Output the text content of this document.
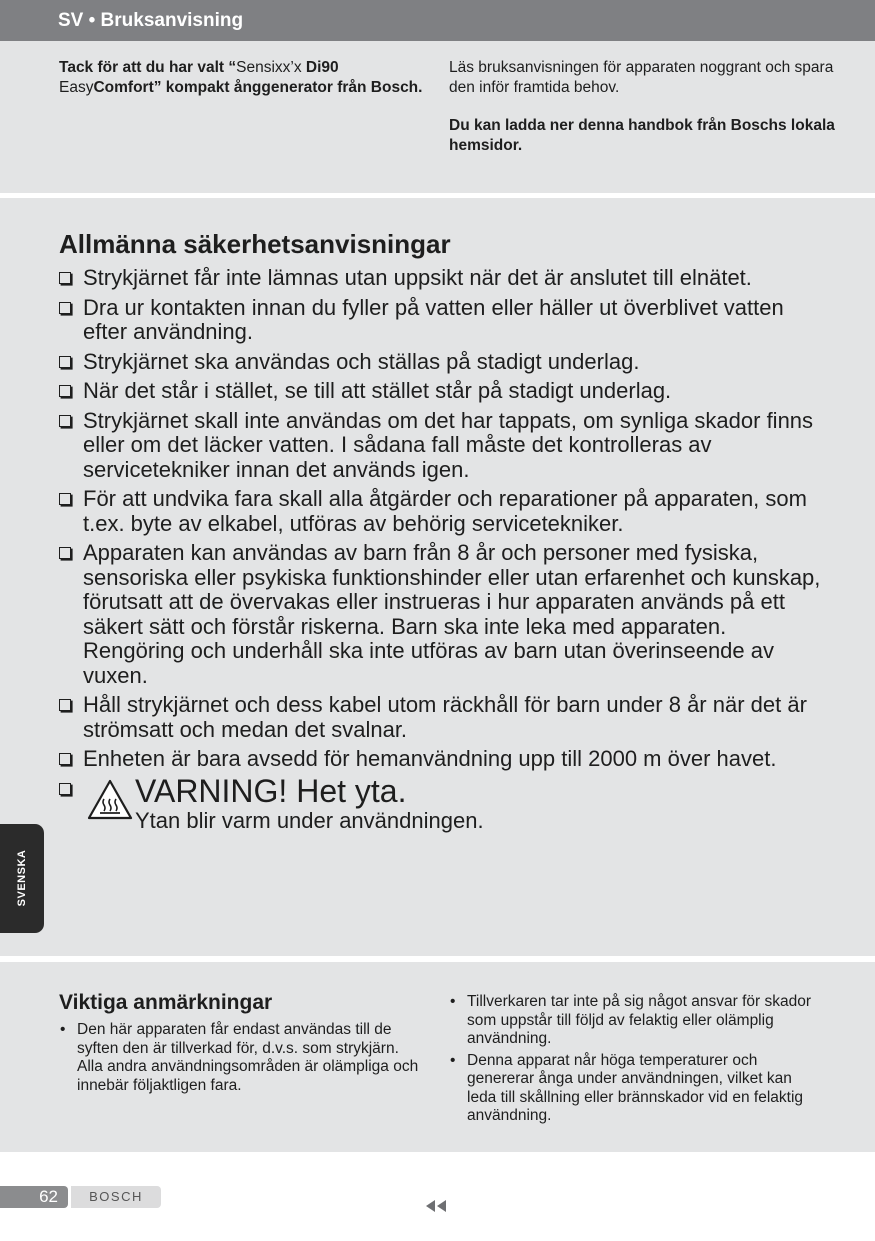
SV • Bruksanvisning
Tack för att du har valt “Sensixx’x Di90
EasyComfort” kompakt ånggenerator från Bosch.
Läs bruksanvisningen för apparaten noggrant och spara den inför framtida behov.
Du kan ladda ner denna handbok från Boschs lokala hemsidor.
Allmänna säkerhetsanvisningar
Strykjärnet får inte lämnas utan uppsikt när det är anslutet till elnätet.
Dra ur kontakten innan du fyller på vatten eller häller ut överblivet vatten efter användning.
Strykjärnet ska användas och ställas på stadigt underlag.
När det står i stället, se till att stället står på stadigt underlag.
Strykjärnet skall inte användas om det har tappats, om synliga skador finns eller om det läcker vatten. I sådana fall måste det kontrolleras av servicetekniker innan det används igen.
För att undvika fara skall alla åtgärder och reparationer på apparaten, som t.ex. byte av elkabel, utföras av behörig servicetekniker.
Apparaten kan användas av barn från 8 år och personer med fysiska, sensoriska eller psykiska funktionshinder eller utan erfarenhet och kunskap, förutsatt att de övervakas eller instrueras i hur apparaten används på ett säkert sätt och förstår riskerna. Barn ska inte leka med apparaten. Rengöring och underhåll ska inte utföras av barn utan överinseende av vuxen.
Håll strykjärnet och dess kabel utom räckhåll för barn under 8 år när det är strömsatt och medan det svalnar.
Enheten är bara avsedd för hemanvändning upp till 2000 m över havet.
VARNING! Het yta.
Ytan blir varm under användningen.
SVENSKA
Viktiga anmärkningar
• Den här apparaten får endast användas till de syften den är tillverkad för, d.v.s. som strykjärn. Alla andra användningsområden är olämpliga och innebär följaktligen fara.
• Tillverkaren tar inte på sig något ansvar för skador som uppstår till följd av felaktig eller olämplig användning.
• Denna apparat når höga temperaturer och genererar ånga under användningen, vilket kan leda till skållning eller brännskador vid en felaktig användning.
62	BOSCH
